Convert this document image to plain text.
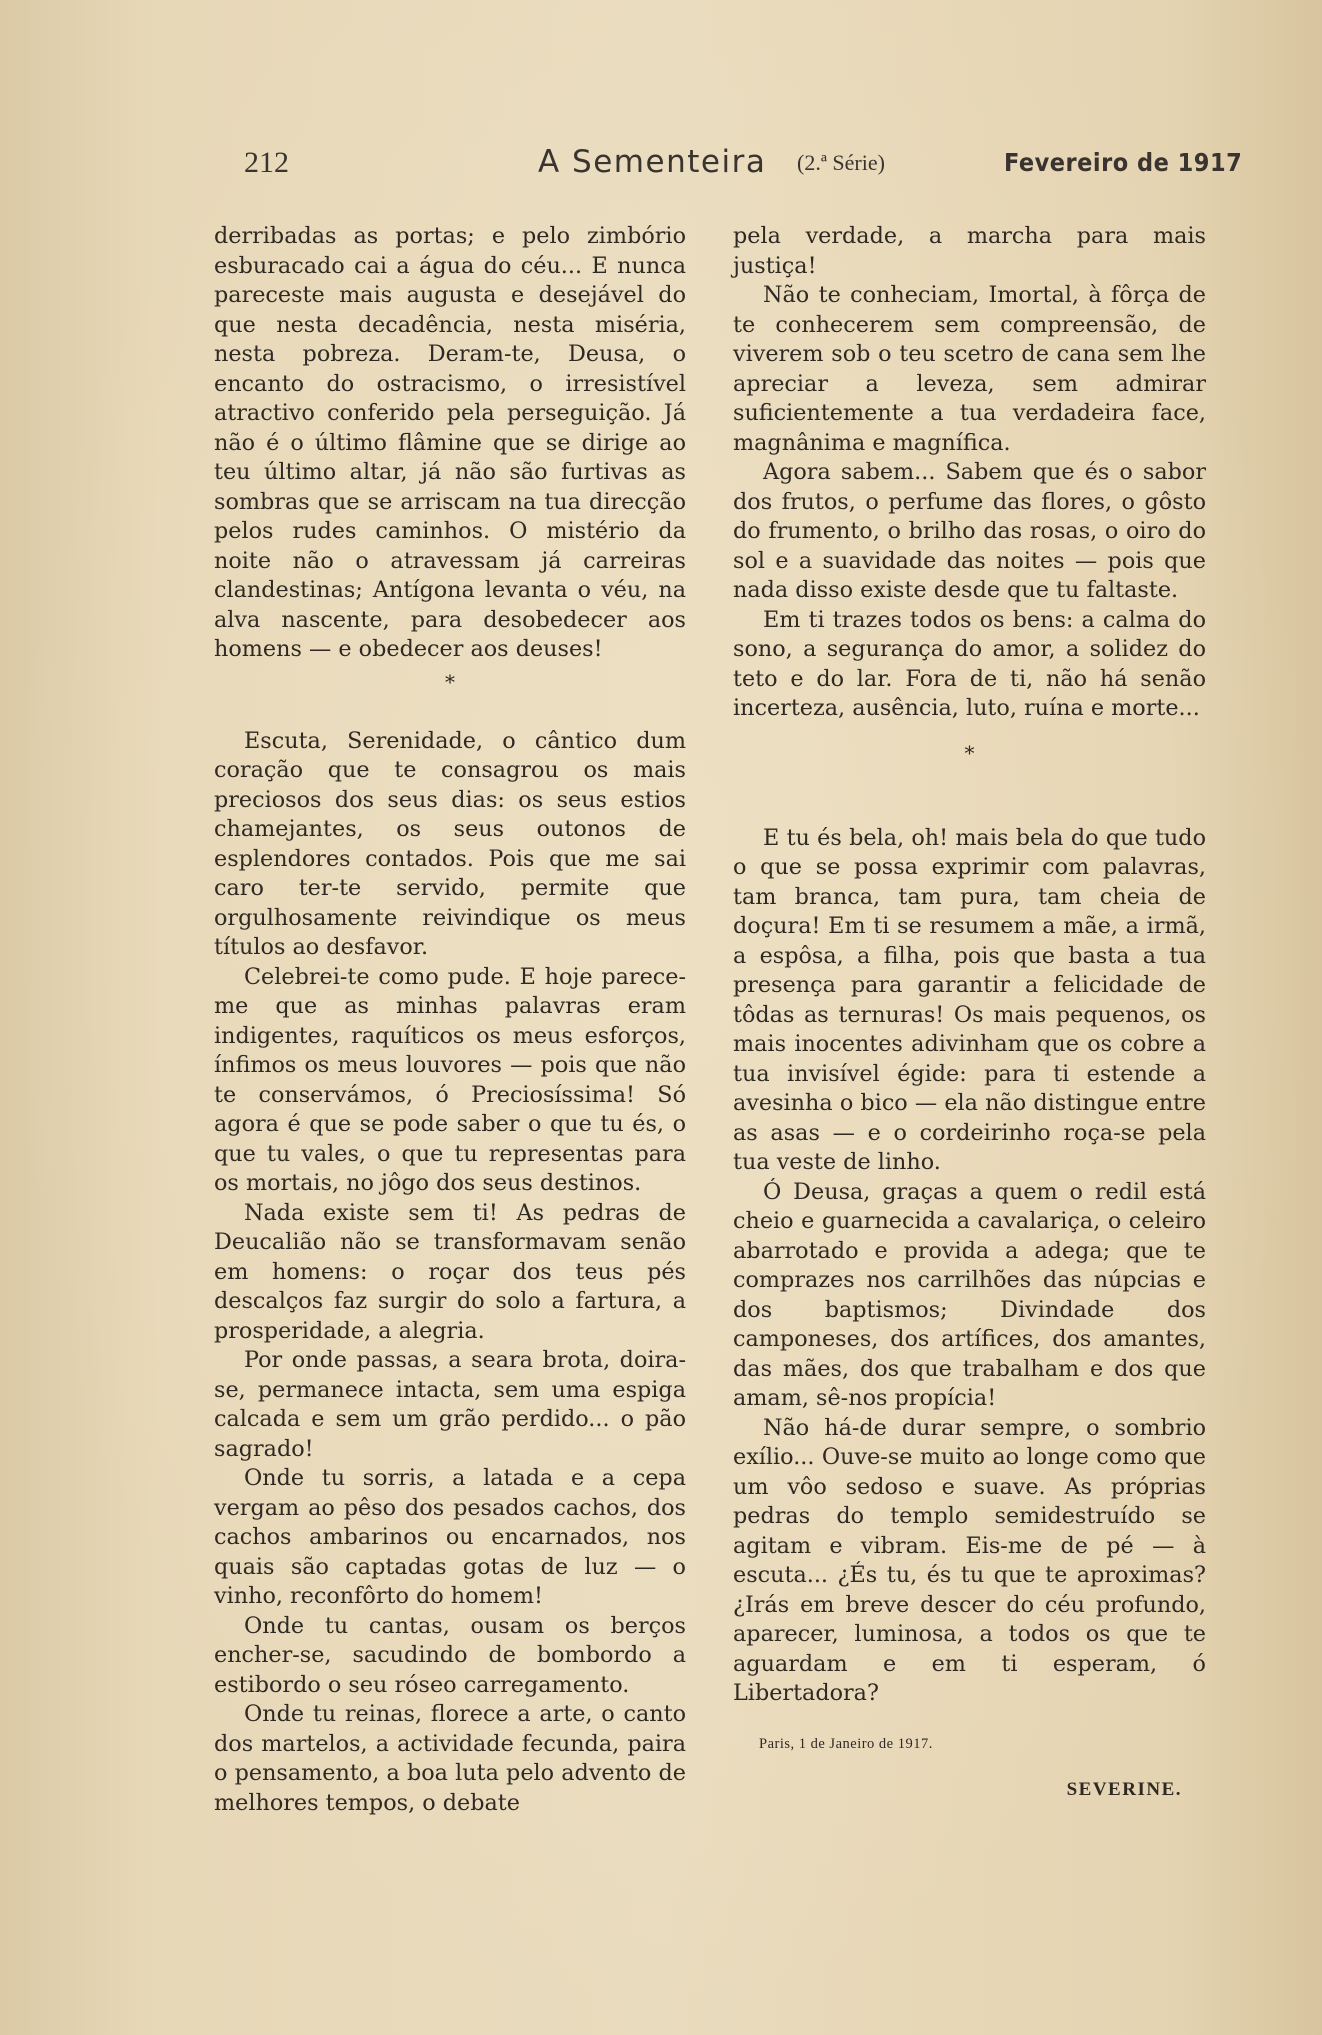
212	A Sementeira (2.ª Série)	Fevereiro de 1917

derribadas as portas; e pelo zimbório esburacado cai a água do céu... E nunca pareceste mais augusta e desejável do que nesta decadência, nesta miséria, nesta pobreza. Deram-te, Deusa, o encanto do ostracismo, o irresistível atractivo conferido pela perseguição. Já não é o último flâmine que se dirige ao teu último altar, já não são furtivas as sombras que se arriscam na tua direcção pelos rudes caminhos. O mistério da noite não o atravessam já carreiras clandestinas; Antígona levanta o véu, na alva nascente, para desobedecer aos homens — e obedecer aos deuses!

*

Escuta, Serenidade, o cântico dum coração que te consagrou os mais preciosos dos seus dias: os seus estios chamejantes, os seus outonos de esplendores contados. Pois que me sai caro ter-te servido, permite que orgulhosamente reivindique os meus títulos ao desfavor.

Celebrei-te como pude. E hoje parece-me que as minhas palavras eram indigentes, raquíticos os meus esforços, ínfimos os meus louvores — pois que não te conservámos, ó Preciosíssima! Só agora é que se pode saber o que tu és, o que tu vales, o que tu representas para os mortais, no jôgo dos seus destinos.

Nada existe sem ti! As pedras de Deucalião não se transformavam senão em homens: o roçar dos teus pés descalços faz surgir do solo a fartura, a prosperidade, a alegria.

Por onde passas, a seara brota, doira-se, permanece intacta, sem uma espiga calcada e sem um grão perdido... o pão sagrado!

Onde tu sorris, a latada e a cepa vergam ao pêso dos pesados cachos, dos cachos ambarinos ou encarnados, nos quais são captadas gotas de luz — o vinho, reconfôrto do homem!

Onde tu cantas, ousam os berços encher-se, sacudindo de bombordo a estibordo o seu róseo carregamento.

Onde tu reinas, florece a arte, o canto dos martelos, a actividade fecunda, paira o pensamento, a boa luta pelo advento de melhores tempos, o debate

pela verdade, a marcha para mais justiça!

Não te conheciam, Imortal, à fôrça de te conhecerem sem compreensão, de viverem sob o teu scetro de cana sem lhe apreciar a leveza, sem admirar suficientemente a tua verdadeira face, magnânima e magnífica.

Agora sabem... Sabem que és o sabor dos frutos, o perfume das flores, o gôsto do frumento, o brilho das rosas, o oiro do sol e a suavidade das noites — pois que nada disso existe desde que tu faltaste.

Em ti trazes todos os bens: a calma do sono, a segurança do amor, a solidez do teto e do lar. Fora de ti, não há senão incerteza, ausência, luto, ruína e morte...

*

E tu és bela, oh! mais bela do que tudo o que se possa exprimir com palavras, tam branca, tam pura, tam cheia de doçura! Em ti se resumem a mãe, a irmã, a espôsa, a filha, pois que basta a tua presença para garantir a felicidade de tôdas as ternuras! Os mais pequenos, os mais inocentes adivinham que os cobre a tua invisível égide: para ti estende a avesinha o bico — ela não distingue entre as asas — e o cordeirinho roça-se pela tua veste de linho.

Ó Deusa, graças a quem o redil está cheio e guarnecida a cavalariça, o celeiro abarrotado e provida a adega; que te comprazes nos carrilhões das núpcias e dos baptismos; Divindade dos camponeses, dos artífices, dos amantes, das mães, dos que trabalham e dos que amam, sê-nos propícia!

Não há-de durar sempre, o sombrio exílio... Ouve-se muito ao longe como que um vôo sedoso e suave. As próprias pedras do templo semidestruído se agitam e vibram. Eis-me de pé — à escuta... ¿És tu, és tu que te aproximas? ¿Irás em breve descer do céu profundo, aparecer, luminosa, a todos os que te aguardam e em ti esperam, ó Libertadora?

Paris, 1 de Janeiro de 1917.
SEVERINE.
